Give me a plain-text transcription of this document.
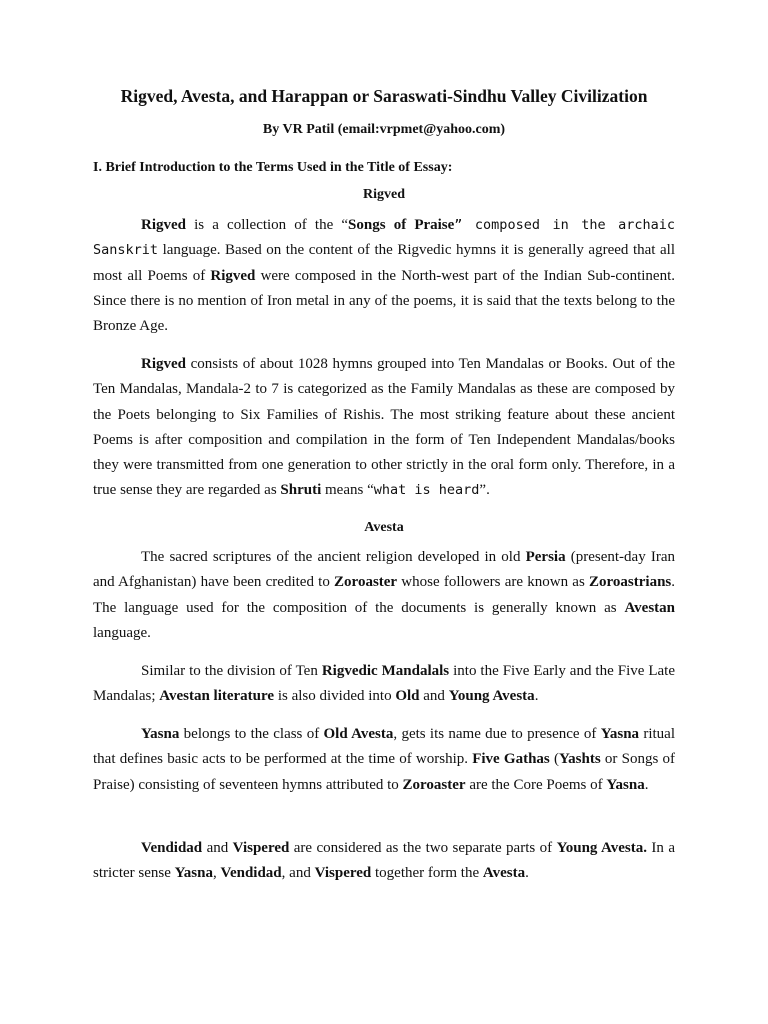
Rigved, Avesta, and Harappan or Saraswati-Sindhu Valley Civilization
By VR Patil (email:vrpmet@yahoo.com)
I. Brief Introduction to the Terms Used in the Title of Essay:
Rigved

Rigved is a collection of the “Songs of Praise” composed in the archaic Sanskrit language. Based on the content of the Rigvedic hymns it is generally agreed that all most all Poems of Rigved were composed in the North-west part of the Indian Sub-continent. Since there is no mention of Iron metal in any of the poems, it is said that the texts belong to the Bronze Age.

Rigved consists of about 1028 hymns grouped into Ten Mandalas or Books. Out of the Ten Mandalas, Mandala-2 to 7 is categorized as the Family Mandalas as these are composed by the Poets belonging to Six Families of Rishis. The most striking feature about these ancient Poems is after composition and compilation in the form of Ten Independent Mandalas/books they were transmitted from one generation to other strictly in the oral form only. Therefore, in a true sense they are regarded as Shruti means “what is heard”.

Avesta

The sacred scriptures of the ancient religion developed in old Persia (present-day Iran and Afghanistan) have been credited to Zoroaster whose followers are known as Zoroastrians. The language used for the composition of the documents is generally known as Avestan language.

Similar to the division of Ten Rigvedic Mandalals into the Five Early and the Five Late Mandalas; Avestan literature is also divided into Old and Young Avesta.

Yasna belongs to the class of Old Avesta, gets its name due to presence of Yasna ritual that defines basic acts to be performed at the time of worship. Five Gathas (Yashts or Songs of Praise) consisting of seventeen hymns attributed to Zoroaster are the Core Poems of Yasna.

Vendidad and Vispered are considered as the two separate parts of Young Avesta. In a stricter sense Yasna, Vendidad, and Vispered together form the Avesta.
